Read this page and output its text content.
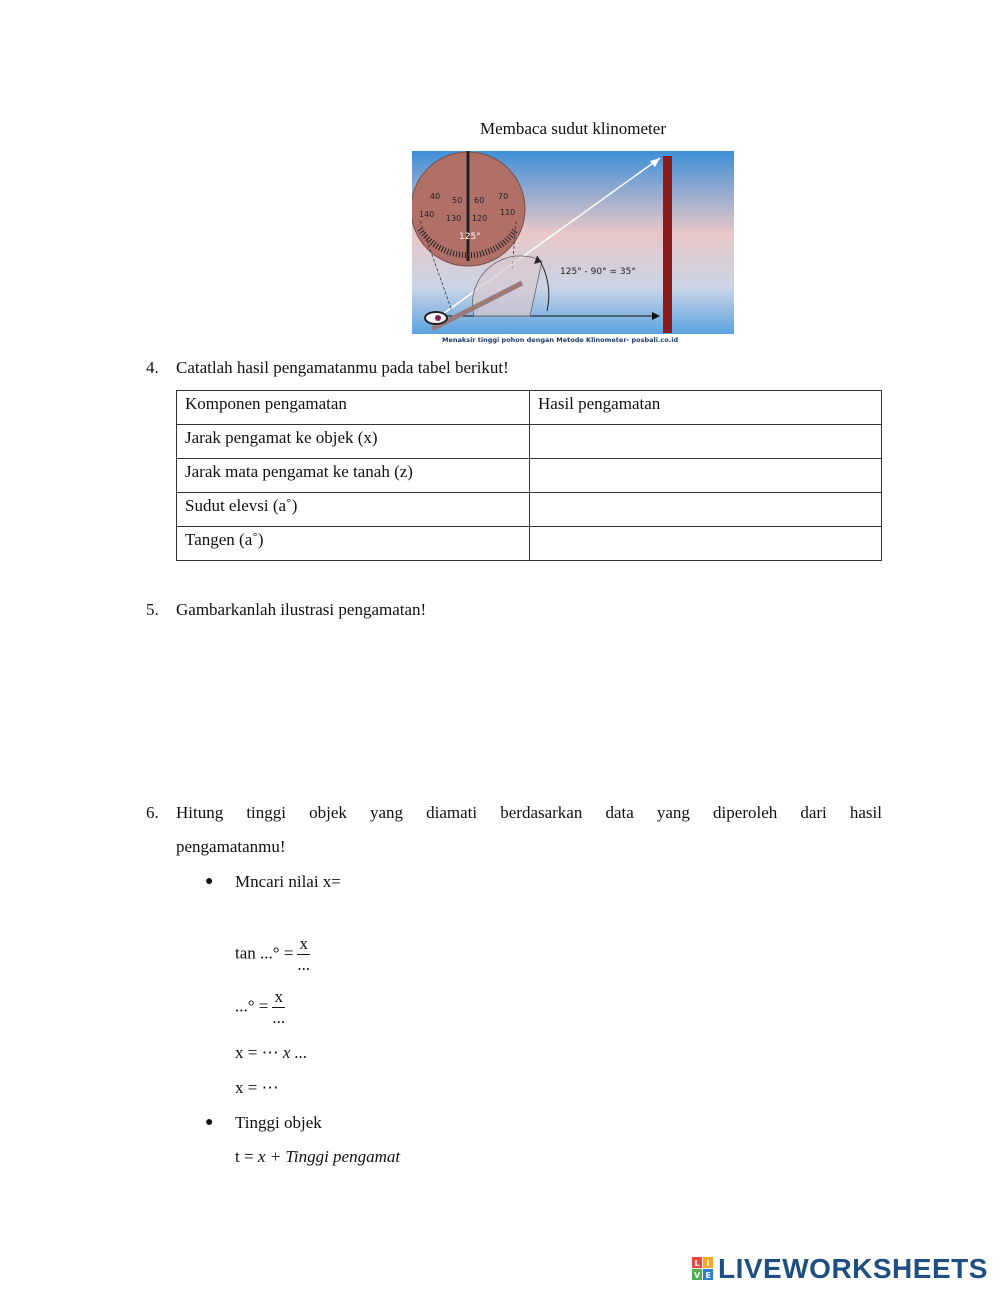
Membaca sudut klinometer
40 50 60 70
140 130 120
110
125°
125° - 90° = 35°
Menaksir tinggi pohon dengan Metode Klinometer- posbali.co.id
4. Catatlah hasil pengamatanmu pada tabel berikut!
Komponen pengamatan	Hasil pengamatan
Jarak pengamat ke objek (x)	
Jarak mata pengamat ke tanah (z)	
Sudut elevsi (a˚)	
Tangen (a˚)	
5. Gambarkanlah ilustrasi pengamatan!
6. Hitung tinggi objek yang diamati berdasarkan data yang diperoleh dari hasil
pengamatanmu!
● Mncari nilai x=
tan ...° = $\frac{x}{...}$
...° = $\frac{x}{...}$
x = ⋯ x ...
x = ⋯
● Tinggi objek
t = x + Tinggi pengamat
L I
V E LIVEWORKSHEETS
